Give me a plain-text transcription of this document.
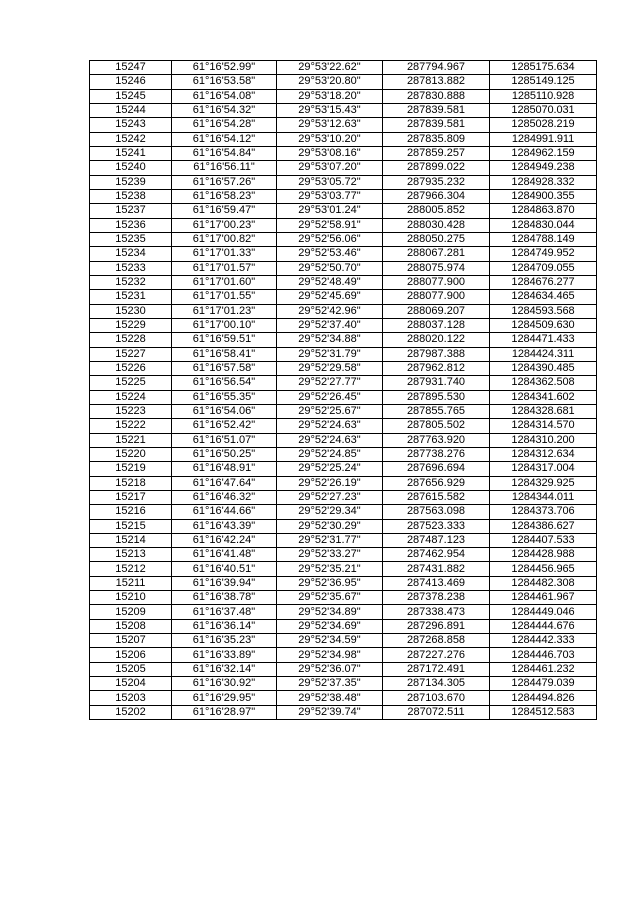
15247	61°16'52.99"	29°53'22.62"	287794.967	1285175.634
15246	61°16'53.58"	29°53'20.80"	287813.882	1285149.125
15245	61°16'54.08"	29°53'18.20"	287830.888	1285110.928
15244	61°16'54.32"	29°53'15.43"	287839.581	1285070.031
15243	61°16'54.28"	29°53'12.63"	287839.581	1285028.219
15242	61°16'54.12"	29°53'10.20"	287835.809	1284991.911
15241	61°16'54.84"	29°53'08.16"	287859.257	1284962.159
15240	61°16'56.11"	29°53'07.20"	287899.022	1284949.238
15239	61°16'57.26"	29°53'05.72"	287935.232	1284928.332
15238	61°16'58.23"	29°53'03.77"	287966.304	1284900.355
15237	61°16'59.47"	29°53'01.24"	288005.852	1284863.870
15236	61°17'00.23"	29°52'58.91"	288030.428	1284830.044
15235	61°17'00.82"	29°52'56.06"	288050.275	1284788.149
15234	61°17'01.33"	29°52'53.46"	288067.281	1284749.952
15233	61°17'01.57"	29°52'50.70"	288075.974	1284709.055
15232	61°17'01.60"	29°52'48.49"	288077.900	1284676.277
15231	61°17'01.55"	29°52'45.69"	288077.900	1284634.465
15230	61°17'01.23"	29°52'42.96"	288069.207	1284593.568
15229	61°17'00.10"	29°52'37.40"	288037.128	1284509.630
15228	61°16'59.51"	29°52'34.88"	288020.122	1284471.433
15227	61°16'58.41"	29°52'31.79"	287987.388	1284424.311
15226	61°16'57.58"	29°52'29.58"	287962.812	1284390.485
15225	61°16'56.54"	29°52'27.77"	287931.740	1284362.508
15224	61°16'55.35"	29°52'26.45"	287895.530	1284341.602
15223	61°16'54.06"	29°52'25.67"	287855.765	1284328.681
15222	61°16'52.42"	29°52'24.63"	287805.502	1284314.570
15221	61°16'51.07"	29°52'24.63"	287763.920	1284310.200
15220	61°16'50.25"	29°52'24.85"	287738.276	1284312.634
15219	61°16'48.91"	29°52'25.24"	287696.694	1284317.004
15218	61°16'47.64"	29°52'26.19"	287656.929	1284329.925
15217	61°16'46.32"	29°52'27.23"	287615.582	1284344.011
15216	61°16'44.66"	29°52'29.34"	287563.098	1284373.706
15215	61°16'43.39"	29°52'30.29"	287523.333	1284386.627
15214	61°16'42.24"	29°52'31.77"	287487.123	1284407.533
15213	61°16'41.48"	29°52'33.27"	287462.954	1284428.988
15212	61°16'40.51"	29°52'35.21"	287431.882	1284456.965
15211	61°16'39.94"	29°52'36.95"	287413.469	1284482.308
15210	61°16'38.78"	29°52'35.67"	287378.238	1284461.967
15209	61°16'37.48"	29°52'34.89"	287338.473	1284449.046
15208	61°16'36.14"	29°52'34.69"	287296.891	1284444.676
15207	61°16'35.23"	29°52'34.59"	287268.858	1284442.333
15206	61°16'33.89"	29°52'34.98"	287227.276	1284446.703
15205	61°16'32.14"	29°52'36.07"	287172.491	1284461.232
15204	61°16'30.92"	29°52'37.35"	287134.305	1284479.039
15203	61°16'29.95"	29°52'38.48"	287103.670	1284494.826
15202	61°16'28.97"	29°52'39.74"	287072.511	1284512.583
